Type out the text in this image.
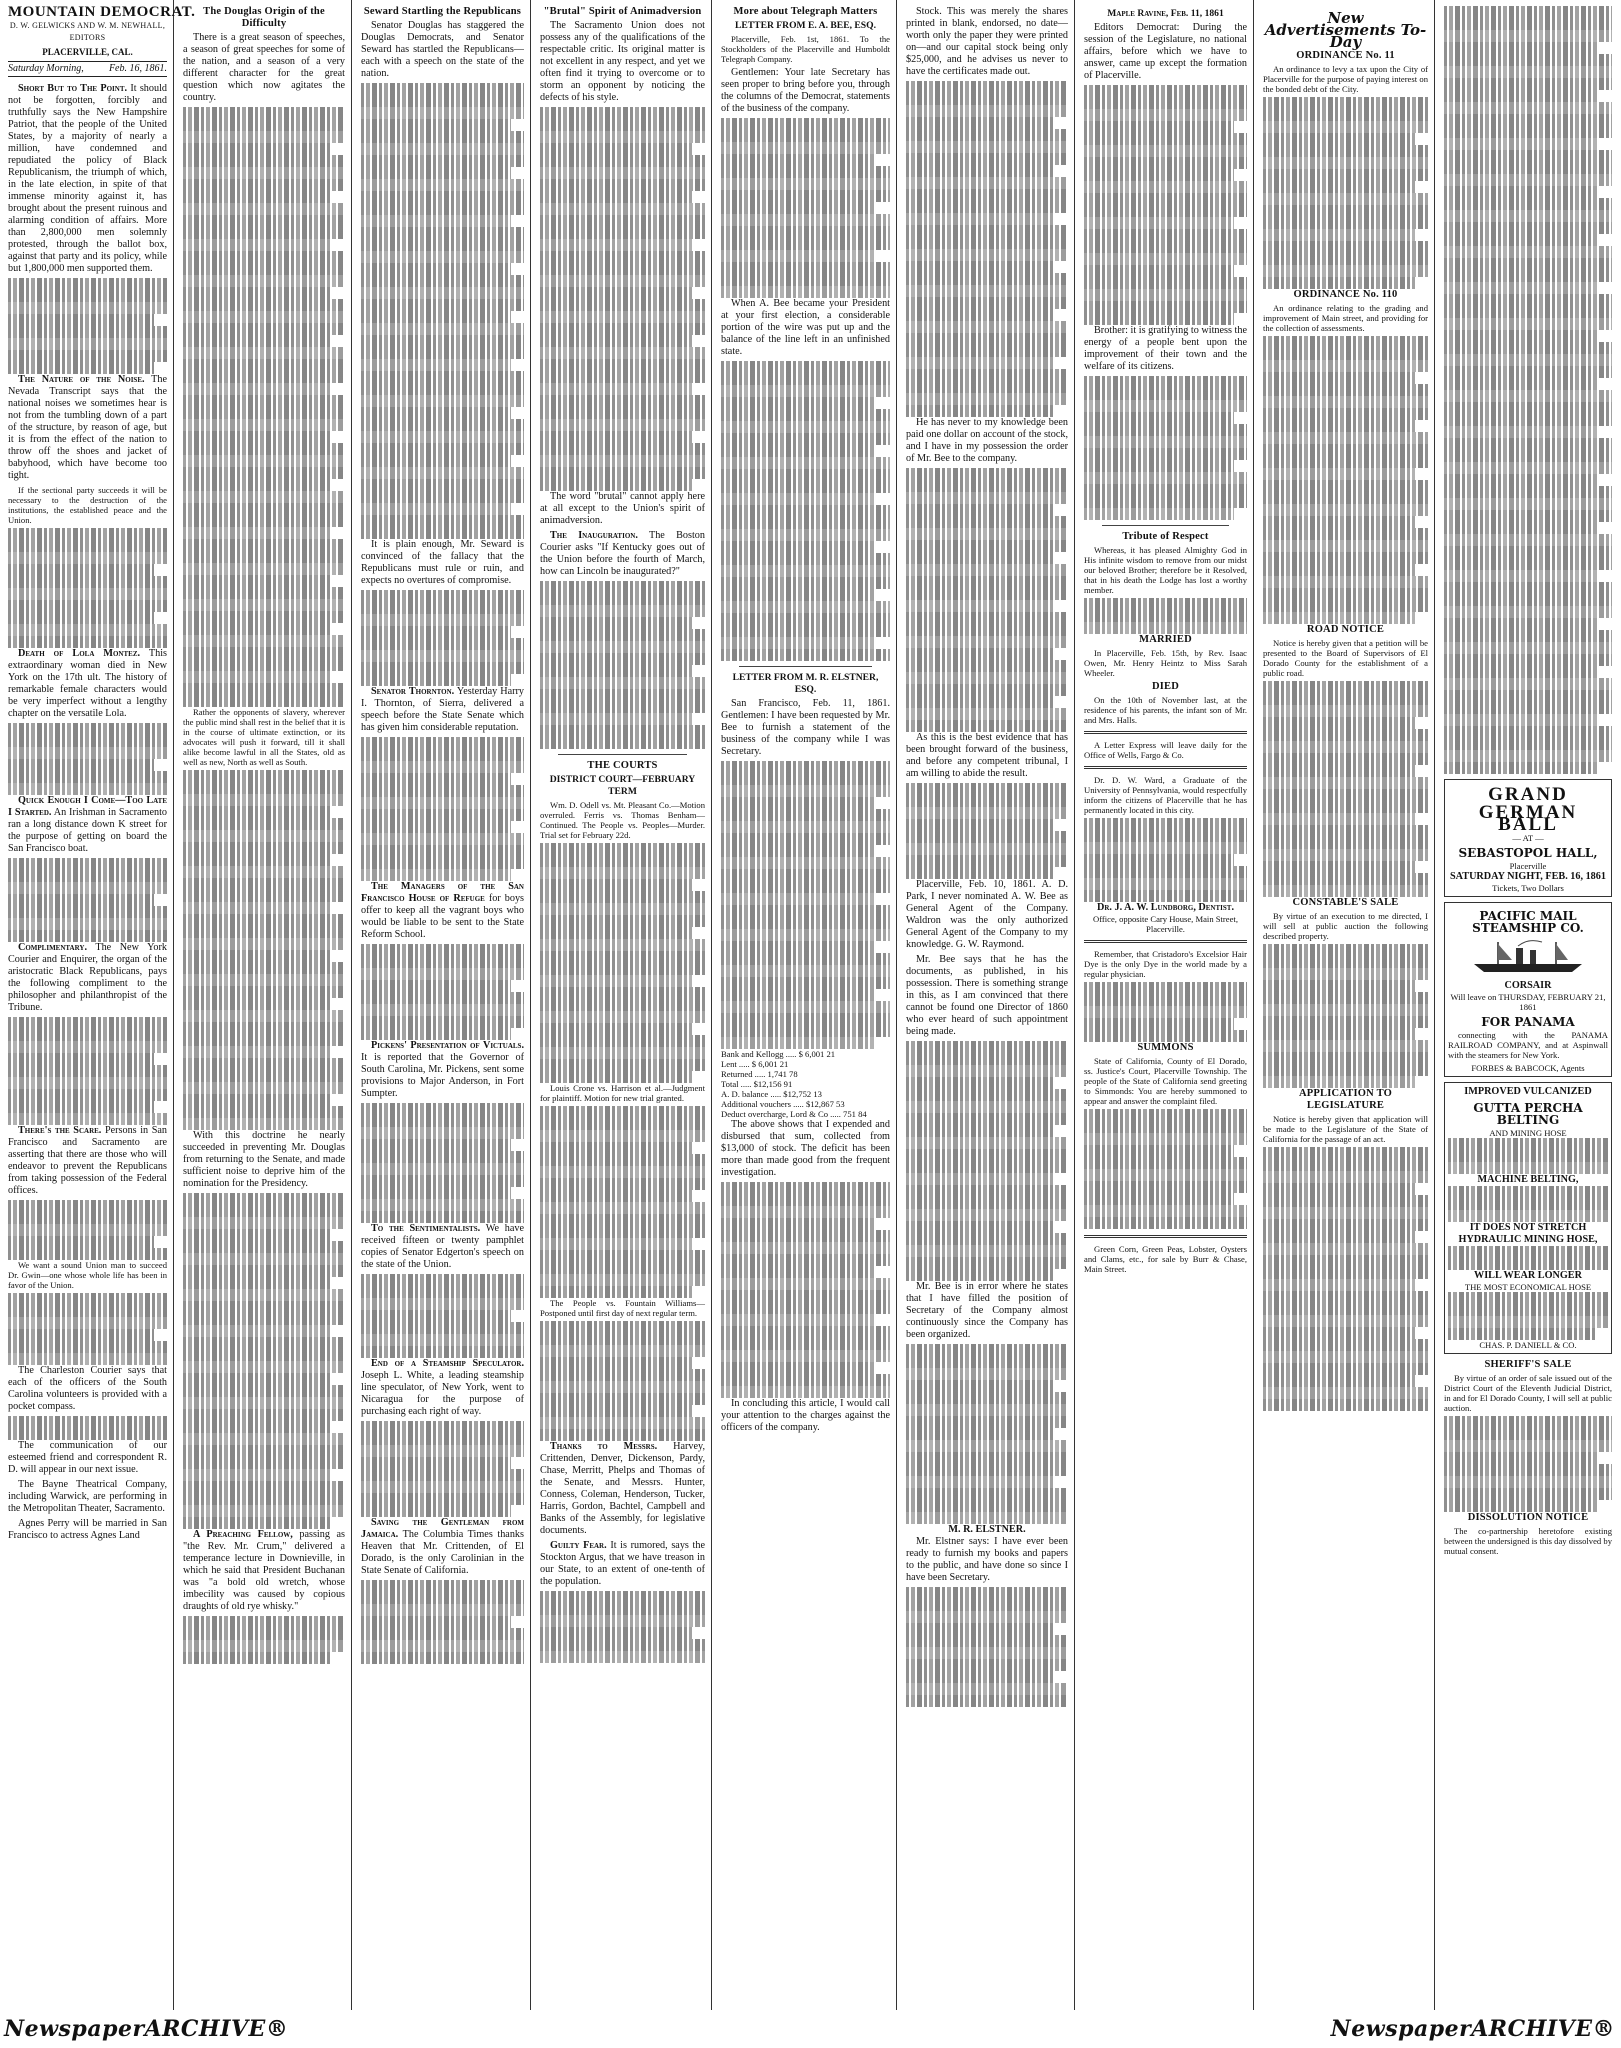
MOUNTAIN DEMOCRAT.
D. W. GELWICKS AND W. M. NEWHALL, EDITORS
PLACERVILLE, CAL.
Saturday Morning,	Feb. 16, 1861.

Short But to The Point. It should not be forgotten, forcibly and truthfully says the New Hampshire Patriot, that the people of the United States, by a majority of nearly a million, have condemned and repudiated the policy of Black Republicanism, the triumph of which, in the late election, in spite of that immense minority against it, has brought about the present ruinous and alarming condition of affairs. More than 2,800,000 men solemnly protested, through the ballot box, against that party and its policy, while but 1,800,000 men supported them.

The Nature of the Noise. The Nevada Transcript says that the national noises we sometimes hear is not from the tumbling down of a part of the structure, by reason of age, but it is from the effect of the nation to throw off the shoes and jacket of babyhood, which have become too tight.

If the sectional party succeeds it will be necessary to the destruction of the institutions, the established peace and the Union.

Death of Lola Montez. This extraordinary woman died in New York on the 17th ult. The history of remarkable female characters would be very imperfect without a lengthy chapter on the versatile Lola.

Quick Enough I Come—Too Late I Started. An Irishman in Sacramento ran a long distance down K street for the purpose of getting on board the San Francisco boat.

Complimentary. The New York Courier and Enquirer, the organ of the aristocratic Black Republicans, pays the following compliment to the philosopher and philanthropist of the Tribune.

There's the Scare. Persons in San Francisco and Sacramento are asserting that there are those who will endeavor to prevent the Republicans from taking possession of the Federal offices.

We want a sound Union man to succeed Dr. Gwin—one whose whole life has been in favor of the Union.

The Charleston Courier says that each of the officers of the South Carolina volunteers is provided with a pocket compass.

The communication of our esteemed friend and correspondent R. D. will appear in our next issue.

The Bayne Theatrical Company, including Warwick, are performing in the Metropolitan Theater, Sacramento.

Agnes Perry will be married in San Francisco to actress Agnes Land

The Douglas Origin of the Difficulty

There is a great season of speeches, a season of great speeches for some of the nation, and a season of a very different character for the great question which now agitates the country.

Rather the opponents of slavery, wherever the public mind shall rest in the belief that it is in the course of ultimate extinction, or its advocates will push it forward, till it shall alike become lawful in all the States, old as well as new, North as well as South.

With this doctrine he nearly succeeded in preventing Mr. Douglas from returning to the Senate, and made sufficient noise to deprive him of the nomination for the Presidency.

A Preaching Fellow, passing as "the Rev. Mr. Crum," delivered a temperance lecture in Downieville, in which he said that President Buchanan was "a bold old wretch, whose imbecility was caused by copious draughts of old rye whisky."

Seward Startling the Republicans

Senator Douglas has staggered the Douglas Democrats, and Senator Seward has startled the Republicans—each with a speech on the state of the nation.

It is plain enough, Mr. Seward is convinced of the fallacy that the Republicans must rule or ruin, and expects no overtures of compromise.

Senator Thornton. Yesterday Harry I. Thornton, of Sierra, delivered a speech before the State Senate which has given him considerable reputation.

The Managers of the San Francisco House of Refuge for boys offer to keep all the vagrant boys who would be liable to be sent to the State Reform School.

Pickens' Presentation of Victuals. It is reported that the Governor of South Carolina, Mr. Pickens, sent some provisions to Major Anderson, in Fort Sumpter.

To the Sentimentalists. We have received fifteen or twenty pamphlet copies of Senator Edgerton's speech on the state of the Union.

End of a Steamship Speculator. Joseph L. White, a leading steamship line speculator, of New York, went to Nicaragua for the purpose of purchasing each right of way.

Saving the Gentleman from Jamaica. The Columbia Times thanks Heaven that Mr. Crittenden, of El Dorado, is the only Carolinian in the State Senate of California.

"Brutal" Spirit of Animadversion

The Sacramento Union does not possess any of the qualifications of the respectable critic. Its original matter is not excellent in any respect, and yet we often find it trying to overcome or to storm an opponent by noticing the defects of his style.

The word "brutal" cannot apply here at all except to the Union's spirit of animadversion.

The Inauguration. The Boston Courier asks "If Kentucky goes out of the Union before the fourth of March, how can Lincoln be inaugurated?"

THE COURTS
DISTRICT COURT—FEBRUARY TERM

Wm. D. Odell vs. Mt. Pleasant Co.—Motion overruled. Ferris vs. Thomas Benham—Continued. The People vs. Peoples—Murder. Trial set for February 22d.

Louis Crone vs. Harrison et al.—Judgment for plaintiff. Motion for new trial granted.

The People vs. Fountain Williams—Postponed until first day of next regular term.

Thanks to Messrs. Harvey, Crittenden, Denver, Dickenson, Pardy, Chase, Merritt, Phelps and Thomas of the Senate, and Messrs. Hunter, Conness, Coleman, Henderson, Tucker, Harris, Gordon, Bachtel, Campbell and Banks of the Assembly, for legislative documents.

Guilty Fear. It is rumored, says the Stockton Argus, that we have treason in our State, to an extent of one-tenth of the population.

More about Telegraph Matters
LETTER FROM E. A. BEE, ESQ.

Placerville, Feb. 1st, 1861. To the Stockholders of the Placerville and Humboldt Telegraph Company.

Gentlemen: Your late Secretary has seen proper to bring before you, through the columns of the Democrat, statements of the business of the company.

When A. Bee became your President at your first election, a considerable portion of the wire was put up and the balance of the line left in an unfinished state.

LETTER FROM M. R. ELSTNER, ESQ.

San Francisco, Feb. 11, 1861. Gentlemen: I have been requested by Mr. Bee to furnish a statement of the business of the company while I was Secretary.

Bank and Kellogg ..... $ 6,001 21
Lent ..... $ 6,001 21
Returned ..... 1,741 78
Total ..... $12,156 91
A. D. balance ..... $12,752 13
Additional vouchers ..... $12,867 53
Deduct overcharge, Lord & Co ..... 751 84

The above shows that I expended and disbursed that sum, collected from $13,000 of stock. The deficit has been more than made good from the frequent investigation.

In concluding this article, I would call your attention to the charges against the officers of the company.

Stock. This was merely the shares printed in blank, endorsed, no date—worth only the paper they were printed on—and our capital stock being only $25,000, and he advises us never to have the certificates made out.

He has never to my knowledge been paid one dollar on account of the stock, and I have in my possession the order of Mr. Bee to the company.

As this is the best evidence that has been brought forward of the business, and before any competent tribunal, I am willing to abide the result.

Placerville, Feb. 10, 1861. A. D. Park, I never nominated A. W. Bee as General Agent of the Company. Waldron was the only authorized General Agent of the Company to my knowledge. G. W. Raymond.

Mr. Bee says that he has the documents, as published, in his possession. There is something strange in this, as I am convinced that there cannot be found one Director of 1860 who ever heard of such appointment being made.

Mr. Bee is in error where he states that I have filled the position of Secretary of the Company almost continuously since the Company has been organized.

M. R. ELSTNER.

Mr. Elstner says: I have ever been ready to furnish my books and papers to the public, and have done so since I have been Secretary.

Maple Ravine, Feb. 11, 1861

Editors Democrat: During the session of the Legislature, no national affairs, before which we have to answer, came up except the formation of Placerville.

Brother: it is gratifying to witness the energy of a people bent upon the improvement of their town and the welfare of its citizens.

Tribute of Respect

Whereas, it has pleased Almighty God in His infinite wisdom to remove from our midst our beloved Brother; therefore be it Resolved, that in his death the Lodge has lost a worthy member.

MARRIED

In Placerville, Feb. 15th, by Rev. Isaac Owen, Mr. Henry Heintz to Miss Sarah Wheeler.

DIED

On the 10th of November last, at the residence of his parents, the infant son of Mr. and Mrs. Halls.

A Letter Express will leave daily for the Office of Wells, Fargo & Co.

Dr. D. W. Ward, a Graduate of the University of Pennsylvania, would respectfully inform the citizens of Placerville that he has permanently located in this city.

Dr. J. A. W. Lundborg, Dentist.
Office, opposite Cary House, Main Street, Placerville.

Remember, that Cristadoro's Excelsior Hair Dye is the only Dye in the world made by a regular physician.

SUMMONS

State of California, County of El Dorado, ss. Justice's Court, Placerville Township. The people of the State of California send greeting to Simmonds: You are hereby summoned to appear and answer the complaint filed.

Green Corn, Green Peas, Lobster, Oysters and Clams, etc., for sale by Burr & Chase, Main Street.

New Advertisements To-Day
ORDINANCE No. 11

An ordinance to levy a tax upon the City of Placerville for the purpose of paying interest on the bonded debt of the City.

ORDINANCE No. 110

An ordinance relating to the grading and improvement of Main street, and providing for the collection of assessments.

ROAD NOTICE

Notice is hereby given that a petition will be presented to the Board of Supervisors of El Dorado County for the establishment of a public road.

CONSTABLE'S SALE

By virtue of an execution to me directed, I will sell at public auction the following described property.

APPLICATION TO LEGISLATURE

Notice is hereby given that application will be made to the Legislature of the State of California for the passage of an act.

GRAND
GERMAN BALL
— AT —
SEBASTOPOL HALL,
Placerville
SATURDAY NIGHT, FEB. 16, 1861
Tickets, Two Dollars
PACIFIC MAIL STEAMSHIP CO.
CORSAIR
Will leave on THURSDAY, FEBRUARY 21, 1861
FOR PANAMA

connecting with the PANAMA RAILROAD COMPANY, and at Aspinwall with the steamers for New York.

FORBES & BABCOCK, Agents
IMPROVED VULCANIZED
GUTTA PERCHA BELTING
AND MINING HOSE
MACHINE BELTING,
IT DOES NOT STRETCH
HYDRAULIC MINING HOSE,
WILL WEAR LONGER
THE MOST ECONOMICAL HOSE
CHAS. P. DANIELL & CO.
SHERIFF'S SALE

By virtue of an order of sale issued out of the District Court of the Eleventh Judicial District, in and for El Dorado County, I will sell at public auction.

DISSOLUTION NOTICE

The co-partnership heretofore existing between the undersigned is this day dissolved by mutual consent.

NewspaperARCHIVE®	NewspaperARCHIVE®
